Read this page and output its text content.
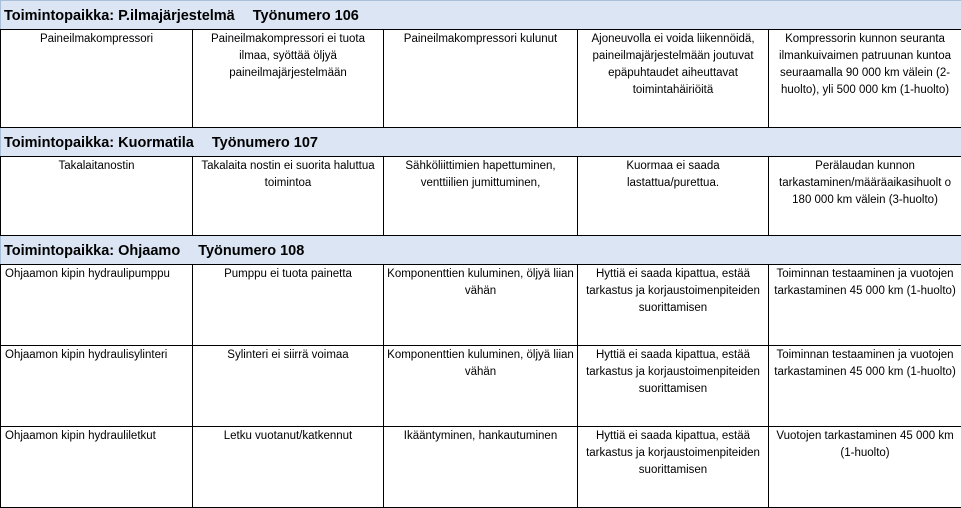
Toimintopaikka: P.ilmajärjestelmä Työnumero 106				
Paineilmakompressori	Paineilmakompressori ei tuota ilmaa, syöttää öljyä paineilmajärjestelmään	Paineilmakompressori kulunut	Ajoneuvolla ei voida liikennöidä, paineilmajärjestelmään joutuvat epäpuhtaudet aiheuttavat toimintahäiriöitä	Kompressorin kunnon seuranta ilmankuivaimen patruunan kuntoa seuraamalla 90 000 km välein (2-huolto), yli 500 000 km (1-huolto)
Toimintopaikka: Kuormatila Työnumero 107				
Takalaitanostin	Takalaita nostin ei suorita haluttua toimintoa	Sähköliittimien hapettuminen, venttiilien jumittuminen,	Kuormaa ei saada lastattua/purettua.	Perälaudan kunnon tarkastaminen/määräaikasihuolt o 180 000 km välein (3-huolto)
Toimintopaikka: Ohjaamo Työnumero 108				
Ohjaamon kipin hydraulipumppu	Pumppu ei tuota painetta	Komponenttien kuluminen, öljyä liian vähän	Hyttiä ei saada kipattua, estää tarkastus ja korjaustoimenpiteiden suorittamisen	Toiminnan testaaminen ja vuotojen tarkastaminen 45 000 km (1-huolto)
Ohjaamon kipin hydraulisylinteri	Sylinteri ei siirrä voimaa	Komponenttien kuluminen, öljyä liian vähän	Hyttiä ei saada kipattua, estää tarkastus ja korjaustoimenpiteiden suorittamisen	Toiminnan testaaminen ja vuotojen tarkastaminen 45 000 km (1-huolto)
Ohjaamon kipin hydrauliletkut	Letku vuotanut/katkennut	Ikääntyminen, hankautuminen	Hyttiä ei saada kipattua, estää tarkastus ja korjaustoimenpiteiden suorittamisen	Vuotojen tarkastaminen 45 000 km (1-huolto)
